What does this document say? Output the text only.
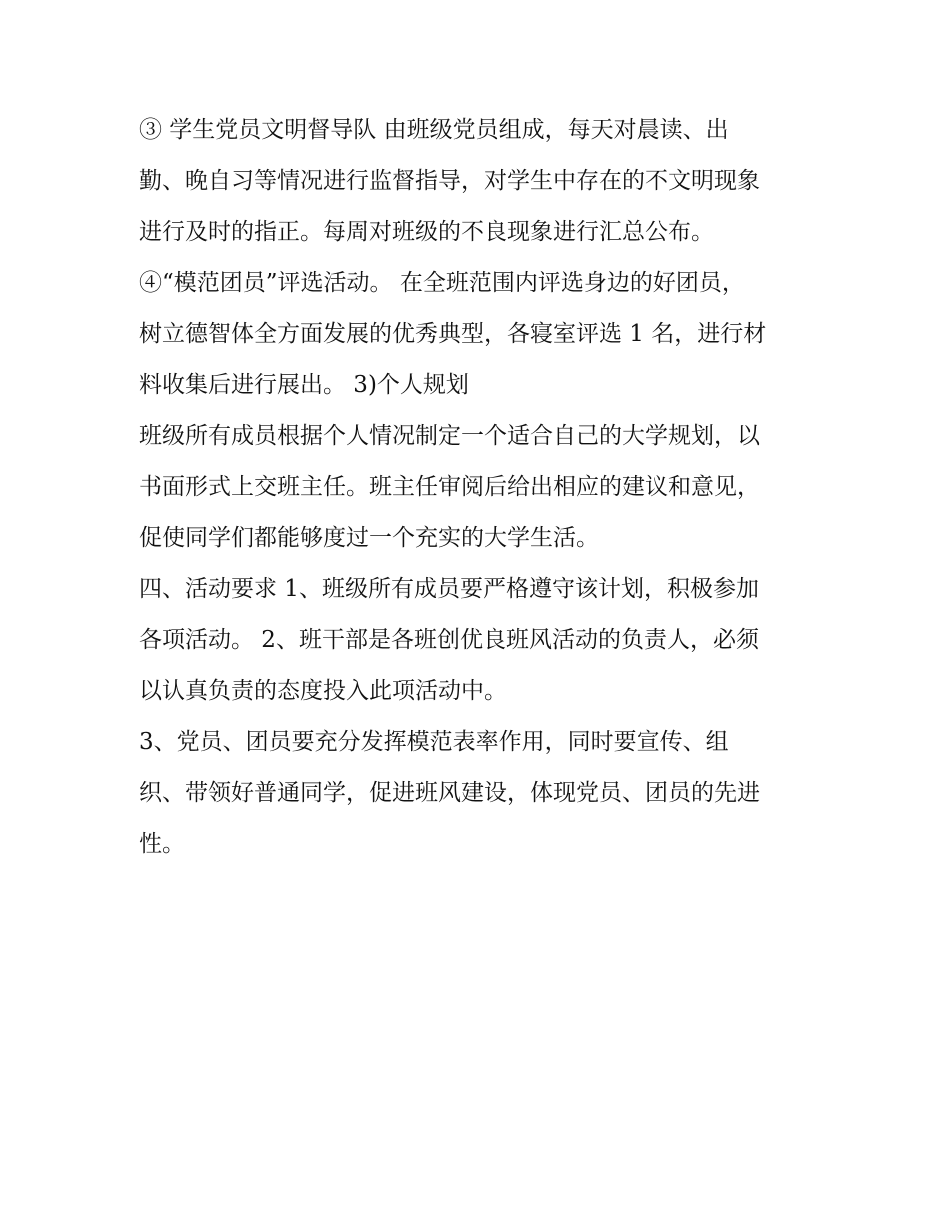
③ 学生党员文明督导队 由班级党员组成，每天对晨读、出
勤、晚自习等情况进行监督指导，对学生中存在的不文明现象
进行及时的指正。每周对班级的不良现象进行汇总公布。
④“模范团员”评选活动。 在全班范围内评选身边的好团员，
树立德智体全方面发展的优秀典型，各寝室评选 1 名，进行材
料收集后进行展出。 3)个人规划
班级所有成员根据个人情况制定一个适合自己的大学规划，以
书面形式上交班主任。班主任审阅后给出相应的建议和意见，
促使同学们都能够度过一个充实的大学生活。
四、活动要求 1、班级所有成员要严格遵守该计划，积极参加
各项活动。 2、班干部是各班创优良班风活动的负责人，必须
以认真负责的态度投入此项活动中。
3、党员、团员要充分发挥模范表率作用，同时要宣传、组
织、带领好普通同学，促进班风建设，体现党员、团员的先进
性。
